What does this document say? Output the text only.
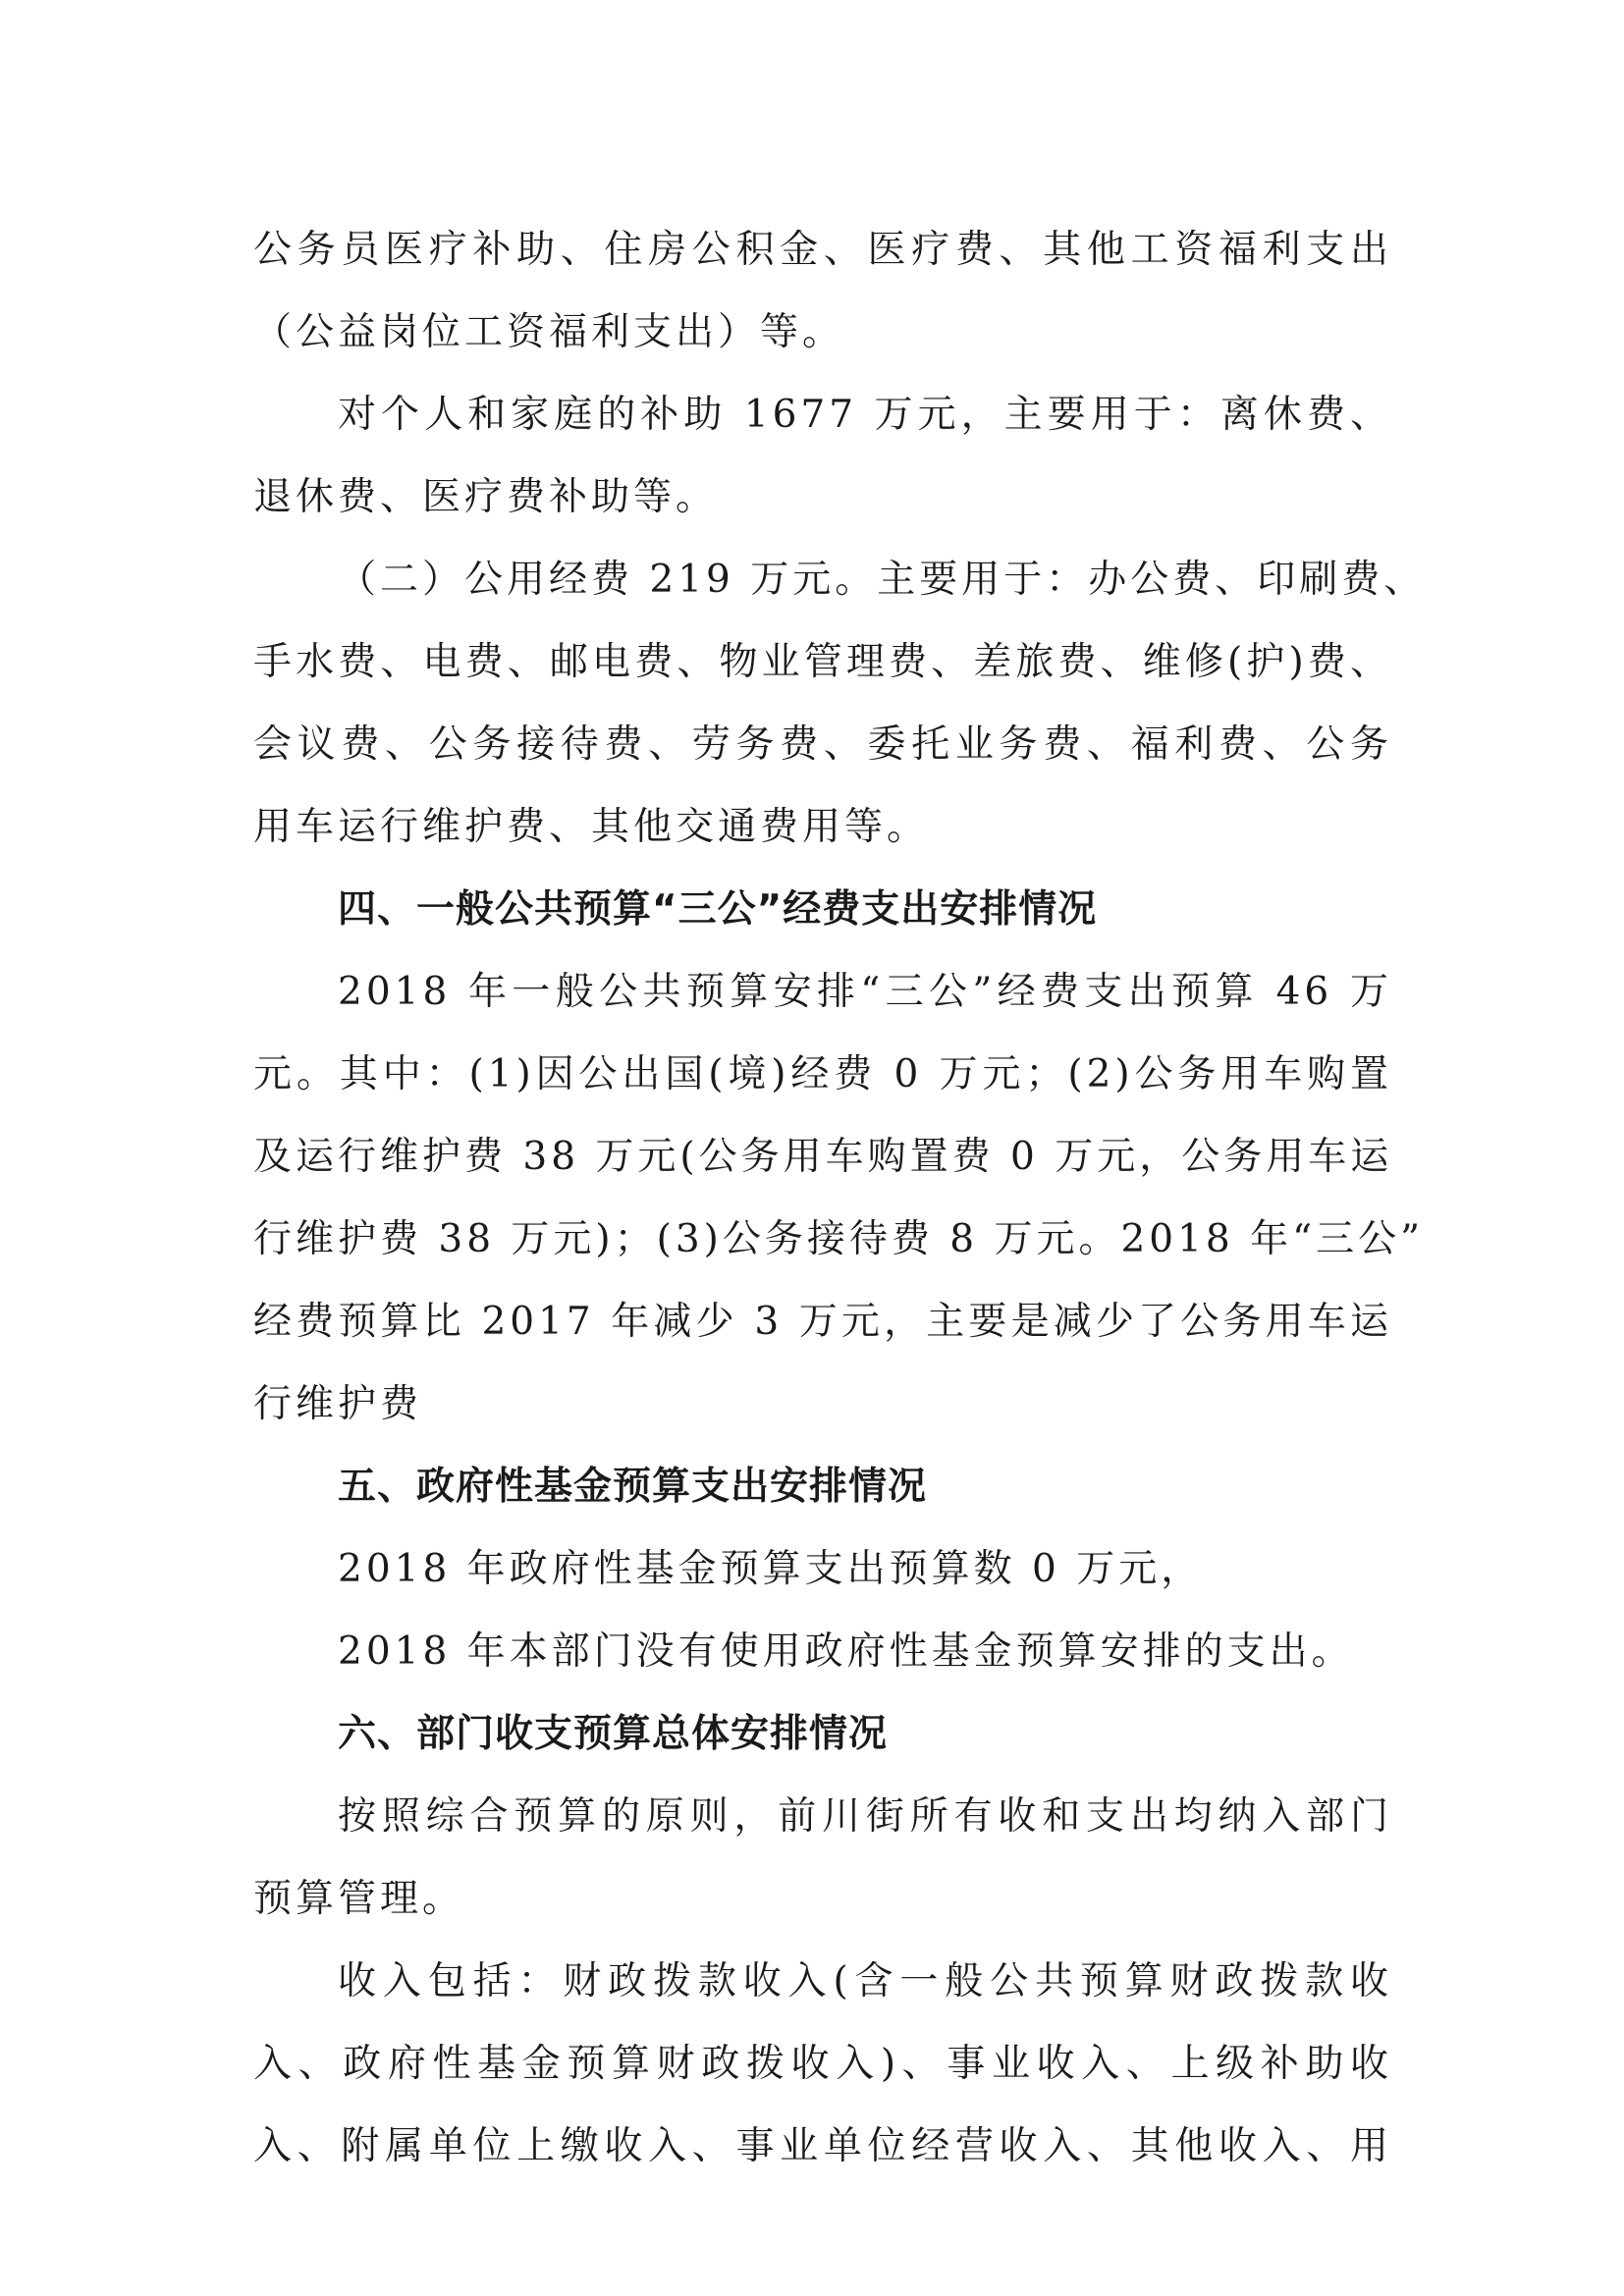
公务员医疗补助、住房公积金、医疗费、其他工资福利支出
（公益岗位工资福利支出）等。
对个人和家庭的补助 1677 万元，主要用于：离休费、
退休费、医疗费补助等。
（二）公用经费 219 万元。主要用于：办公费、印刷费、
手水费、电费、邮电费、物业管理费、差旅费、维修(护)费、
会议费、公务接待费、劳务费、委托业务费、福利费、公务
用车运行维护费、其他交通费用等。
四、一般公共预算“三公”经费支出安排情况
2018 年一般公共预算安排“三公”经费支出预算 46 万
元。其中：(1)因公出国(境)经费 0 万元；(2)公务用车购置
及运行维护费 38 万元(公务用车购置费 0 万元，公务用车运
行维护费 38 万元)；(3)公务接待费 8 万元。2018 年“三公”
经费预算比 2017 年减少 3 万元，主要是减少了公务用车运
行维护费
五、政府性基金预算支出安排情况
2018 年政府性基金预算支出预算数 0 万元，
2018 年本部门没有使用政府性基金预算安排的支出。
六、部门收支预算总体安排情况
按照综合预算的原则，前川街所有收和支出均纳入部门
预算管理。
收入包括：财政拨款收入(含一般公共预算财政拨款收
入、政府性基金预算财政拨收入)、事业收入、上级补助收
入、附属单位上缴收入、事业单位经营收入、其他收入、用
